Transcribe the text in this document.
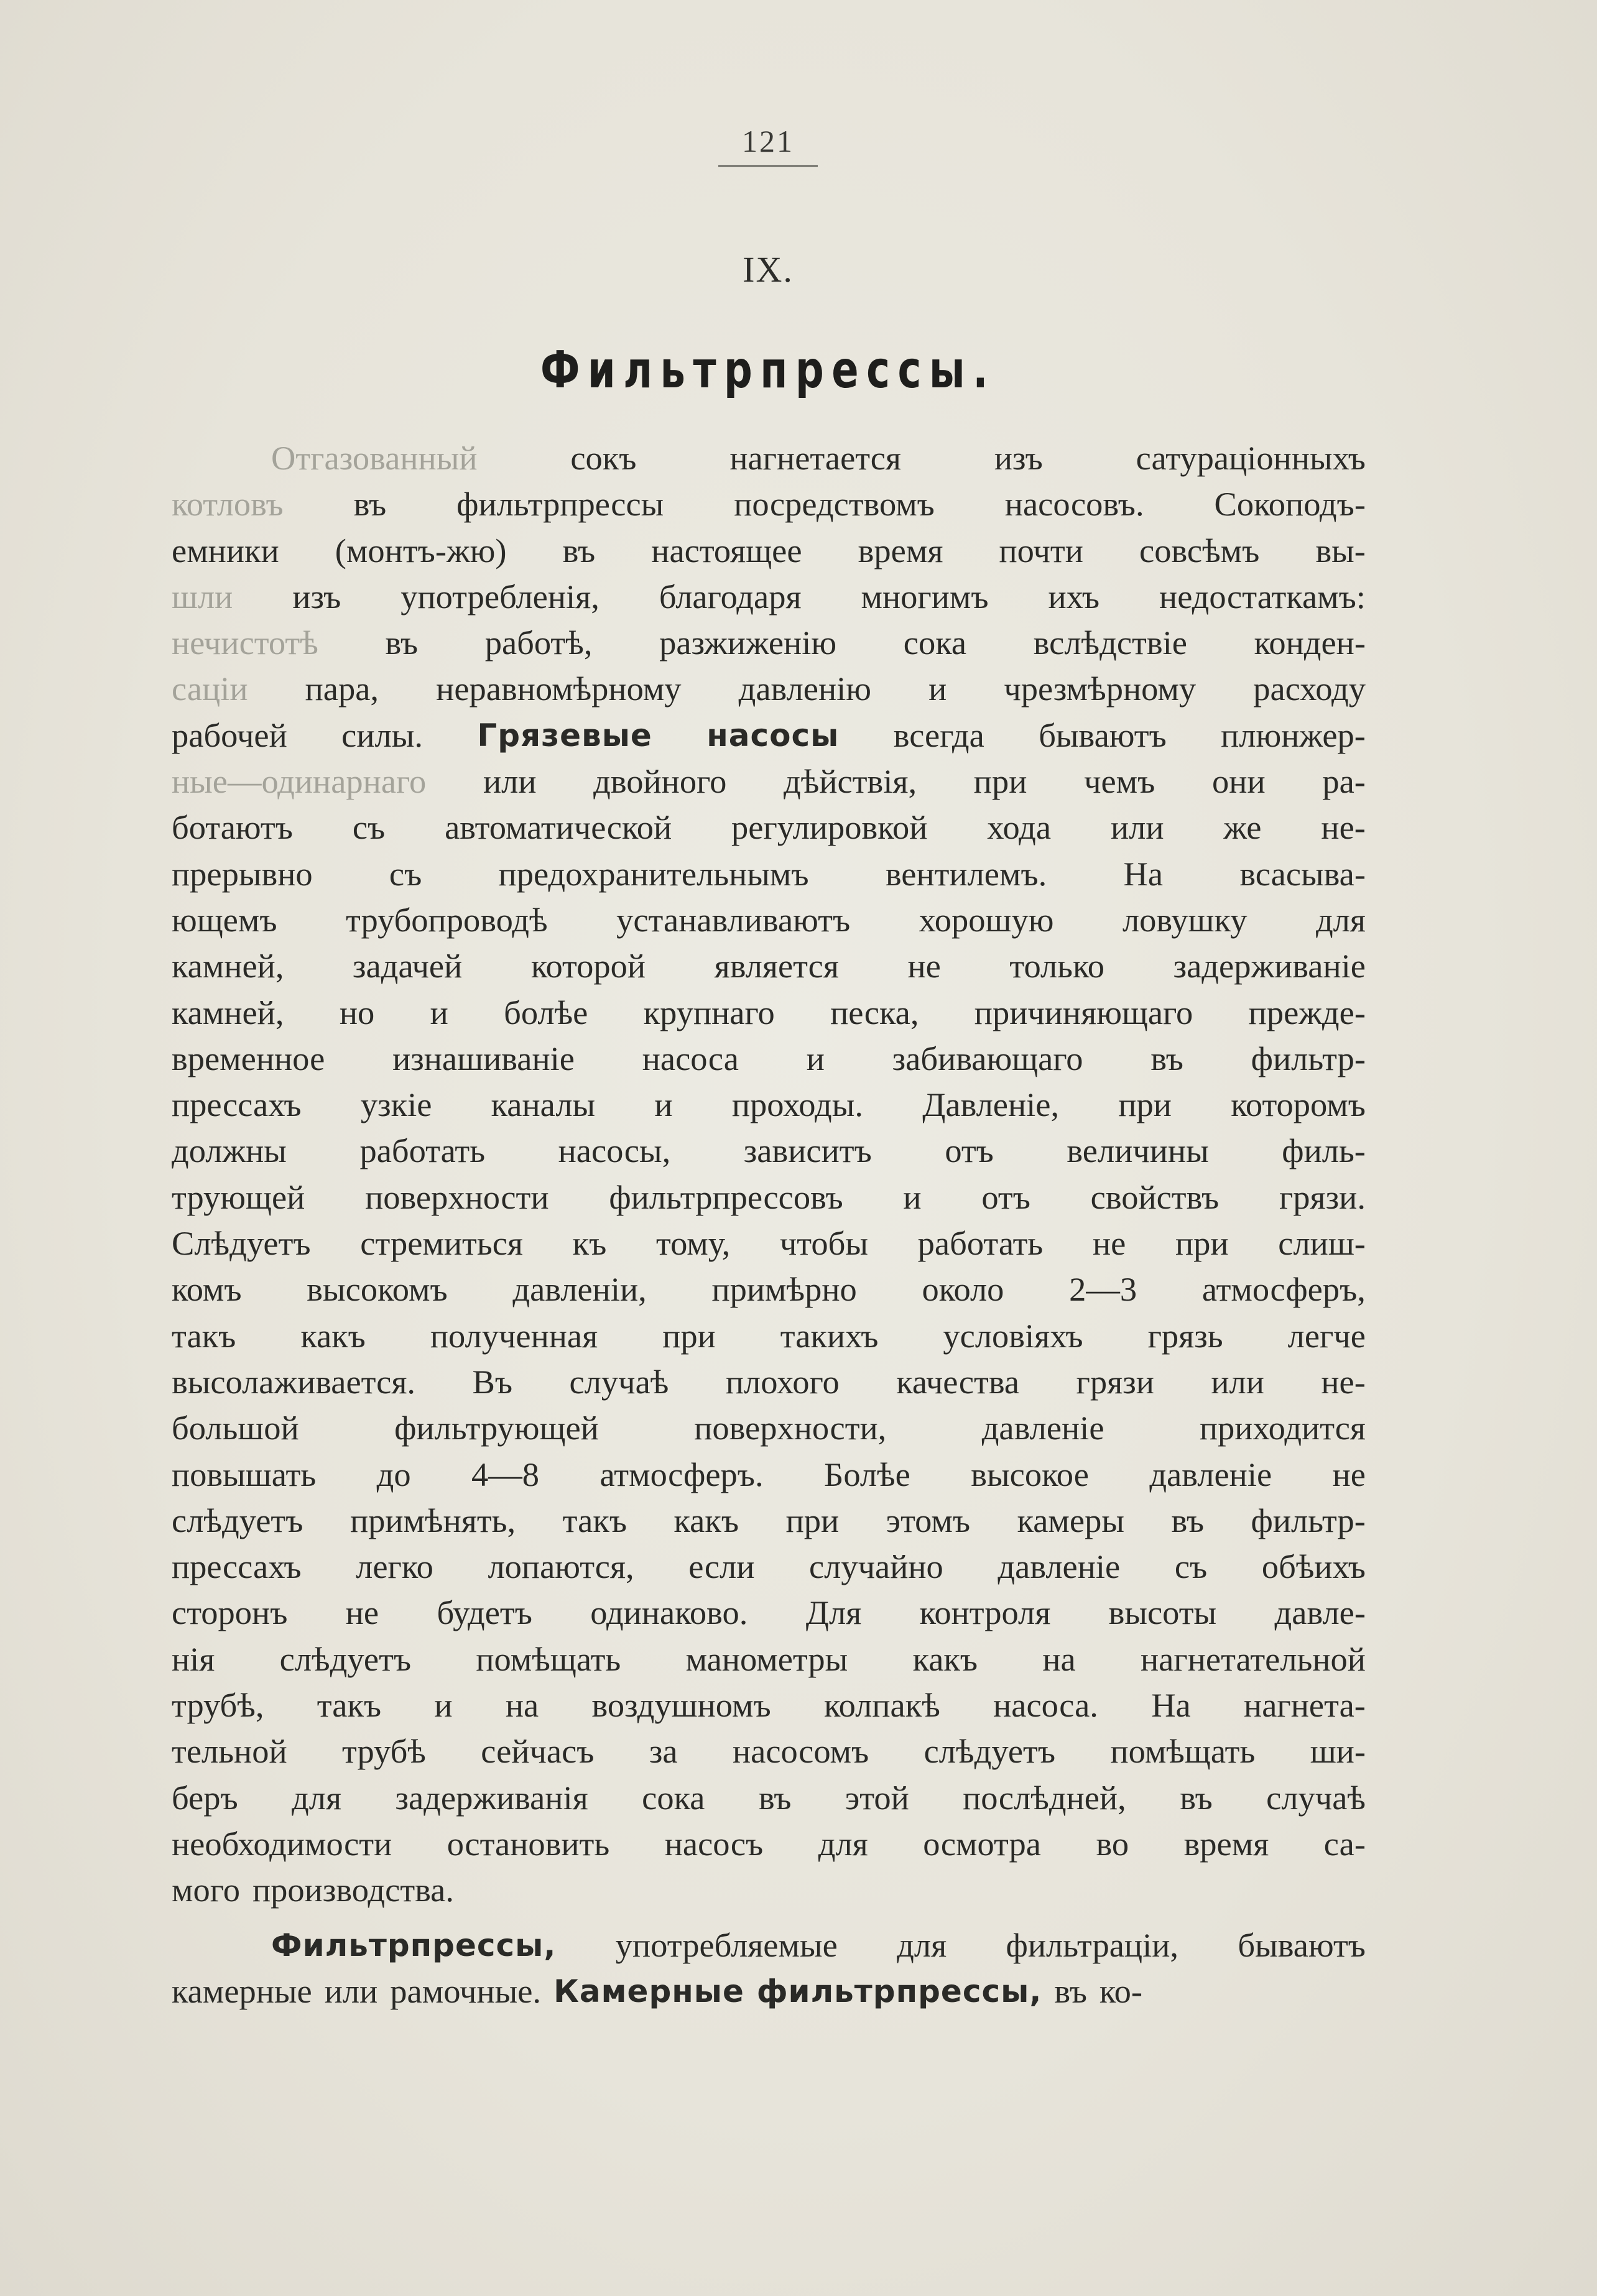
121
IX.
Фильтрпрессы.
Отгазованный	сокъ	нагнетается	изъ	сатураціонныхъ
котловъ въ фильтрпрессы посредствомъ насосовъ. Сокоподъ-
емники (монтъ-жю) въ настоящее время почти совсѣмъ вы-
шли изъ употребленія, благодаря многимъ ихъ недостаткамъ:
нечистотѣ въ работѣ, разжиженію сока вслѣдствіе конден-
саціи пара, неравномѣрному давленію и чрезмѣрному расходу
рабочей силы. Грязевые насосы всегда бываютъ плюнжер-
ные—одинарнаго или двойного дѣйствія, при чемъ они ра-
ботаютъ съ автоматической регулировкой хода или же не-
прерывно съ предохранительнымъ вентилемъ. На всасыва-
ющемъ трубопроводѣ устанавливаютъ хорошую ловушку для
камней, задачей которой является не только задерживаніе
камней, но и болѣе крупнаго песка, причиняющаго прежде-
временное изнашиваніе насоса и забивающаго въ фильтр-
прессахъ узкіе каналы и проходы. Давленіе, при которомъ
должны работать насосы, зависитъ отъ величины филь-
трующей поверхности фильтрпрессовъ и отъ свойствъ грязи.
Слѣдуетъ стремиться къ тому, чтобы работать не при слиш-
комъ высокомъ давленіи, примѣрно около 2—3 атмосферъ,
такъ какъ полученная при такихъ условіяхъ грязь легче
высолаживается. Въ случаѣ плохого качества грязи или не-
большой	фильтрующей	поверхности,	давленіе	приходится
повышать до 4—8 атмосферъ. Болѣе высокое давленіе не
слѣдуетъ примѣнять, такъ какъ при этомъ камеры въ фильтр-
прессахъ легко лопаются, если случайно давленіе съ обѣихъ
сторонъ не будетъ одинаково. Для контроля высоты давле-
нія слѣдуетъ помѣщать манометры какъ на нагнетательной
трубѣ, такъ и на воздушномъ колпакѣ насоса. На нагнета-
тельной трубѣ сейчасъ за насосомъ слѣдуетъ помѣщать ши-
беръ для задерживанія сока въ этой послѣдней, въ случаѣ
необходимости остановить насосъ для осмотра во время са-
мого производства.
Фильтрпрессы, употребляемые для фильтраціи, бываютъ
камерные или рамочные. Камерные фильтрпрессы, въ ко-
